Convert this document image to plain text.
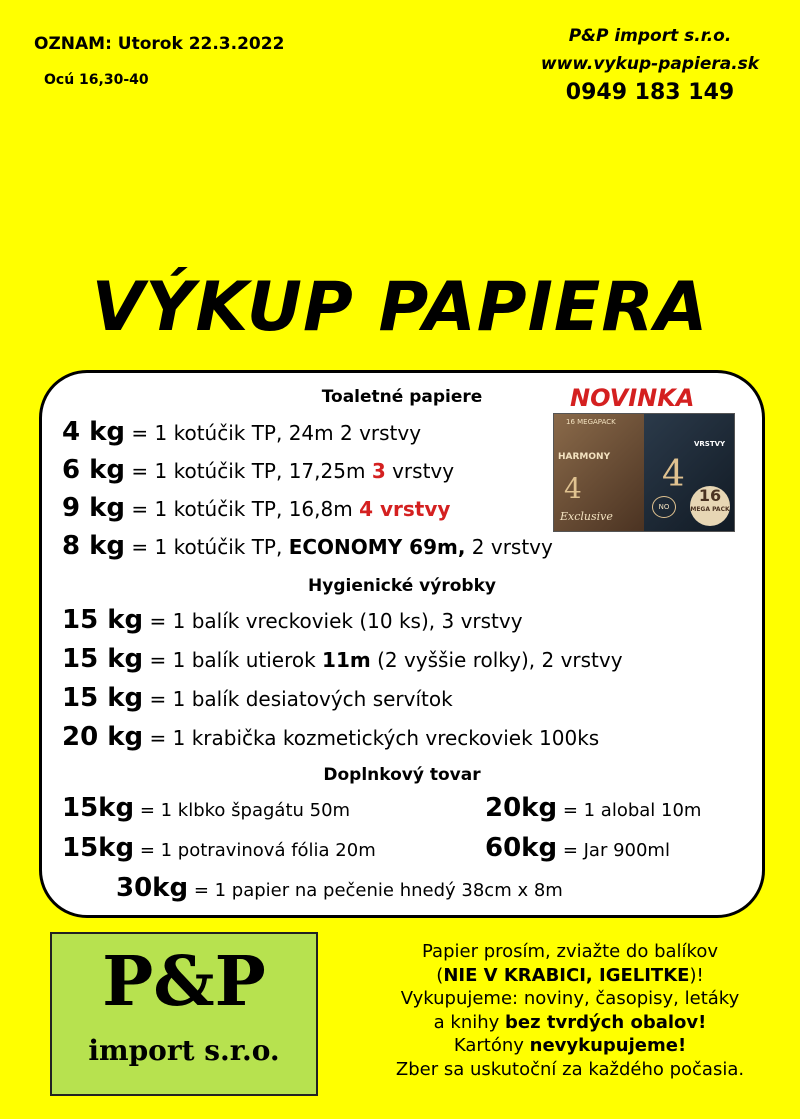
OZNAM: Utorok 22.3.2022
Ocú 16,30-40
P&P import s.r.o.
www.vykup-papiera.sk
0949 183 149
VÝKUP PAPIERA
Toaletné papiere
4 kg = 1 kotúčik TP, 24m 2 vrstvy
6 kg = 1 kotúčik TP, 17,25m 3 vrstvy
9 kg = 1 kotúčik TP, 16,8m 4 vrstvy
8 kg = 1 kotúčik TP, ECONOMY 69m, 2 vrstvy
Hygienické výrobky
15 kg = 1 balík vreckoviek (10 ks), 3 vrstvy
15 kg = 1 balík utierok 11m (2 vyššie rolky), 2 vrstvy
15 kg = 1 balík desiatových servítok
20 kg = 1 krabička kozmetických vreckoviek 100ks
Doplnkový tovar
15kg = 1 klbko špagátu 50m	20kg = 1 alobal 10m
15kg = 1 potravinová fólia 20m	60kg = Jar 900ml
30kg = 1 papier na pečenie hnedý 38cm x 8m
NOVINKA
16 MEGAPACK
HARMONY
4
Exclusive
VRSTVY
4
NO
16
MEGA PACK
P&P
import s.r.o.
Papier prosím, zviažte do balíkov
(NIE V KRABICI, IGELITKE)!
Vykupujeme: noviny, časopisy, letáky
a knihy bez tvrdých obalov!
Kartóny nevykupujeme!
Zber sa uskutoční za každého počasia.
